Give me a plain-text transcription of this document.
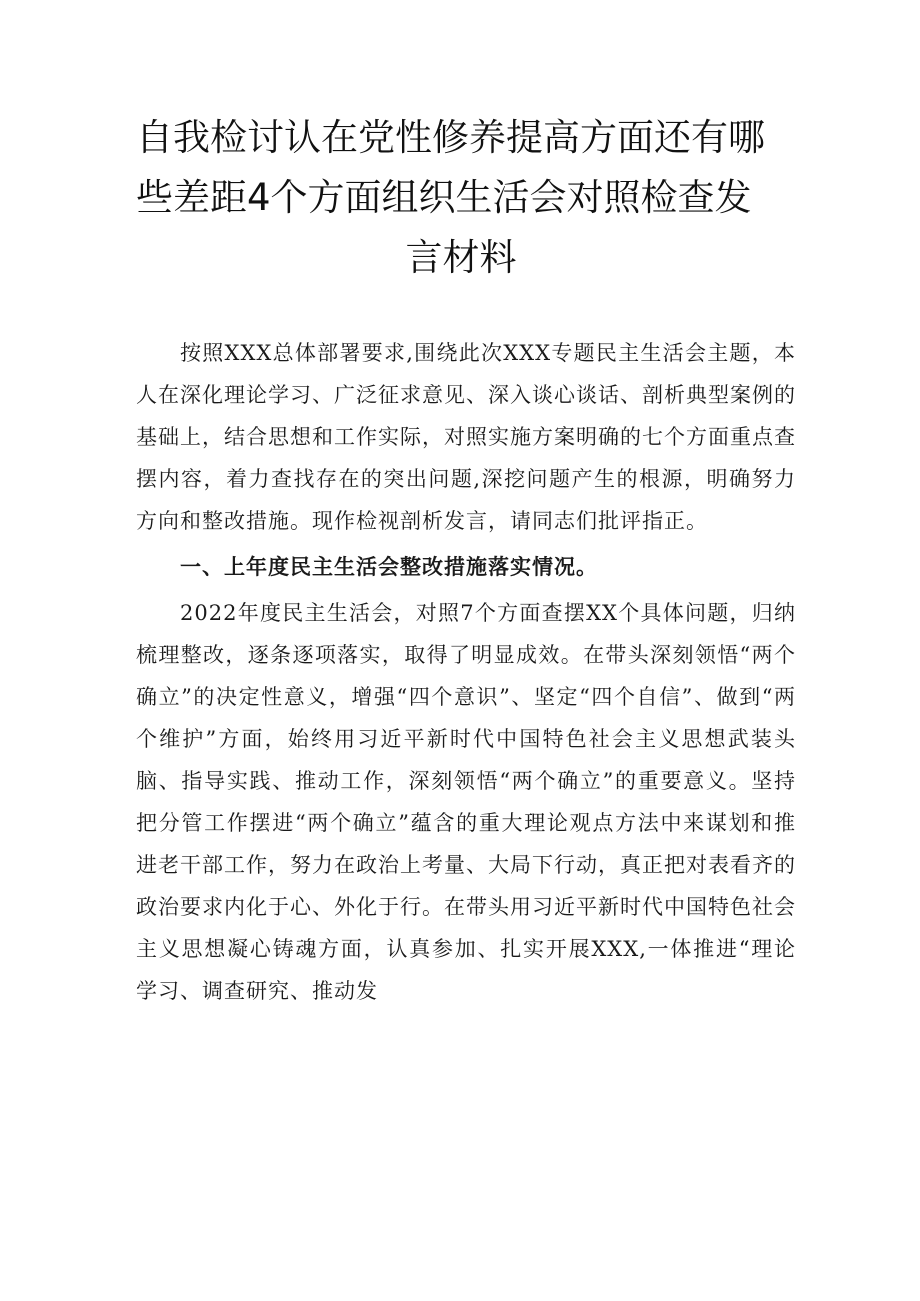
自我检讨认在党性修养提高方面还有哪
些差距4个方面组织生活会对照检查发
言材料

按照XXX总体部署要求,围绕此次XXX专题民主生活会主题，本人在深化理论学习、广泛征求意见、深入谈心谈话、剖析典型案例的基础上，结合思想和工作实际，对照实施方案明确的七个方面重点查摆内容，着力查找存在的突出问题,深挖问题产生的根源，明确努力方向和整改措施。现作检视剖析发言，请同志们批评指正。

一、上年度民主生活会整改措施落实情况。

2022年度民主生活会，对照7个方面查摆XX个具体问题，归纳梳理整改，逐条逐项落实，取得了明显成效。在带头深刻领悟“两个确立”的决定性意义，增强“四个意识”、坚定“四个自信”、做到“两个维护”方面，始终用习近平新时代中国特色社会主义思想武装头脑、指导实践、推动工作，深刻领悟“两个确立”的重要意义。坚持把分管工作摆进“两个确立”蕴含的重大理论观点方法中来谋划和推进老干部工作，努力在政治上考量、大局下行动，真正把对表看齐的政治要求内化于心、外化于行。在带头用习近平新时代中国特色社会主义思想凝心铸魂方面，认真参加、扎实开展XXX,一体推进“理论学习、调查研究、推动发
